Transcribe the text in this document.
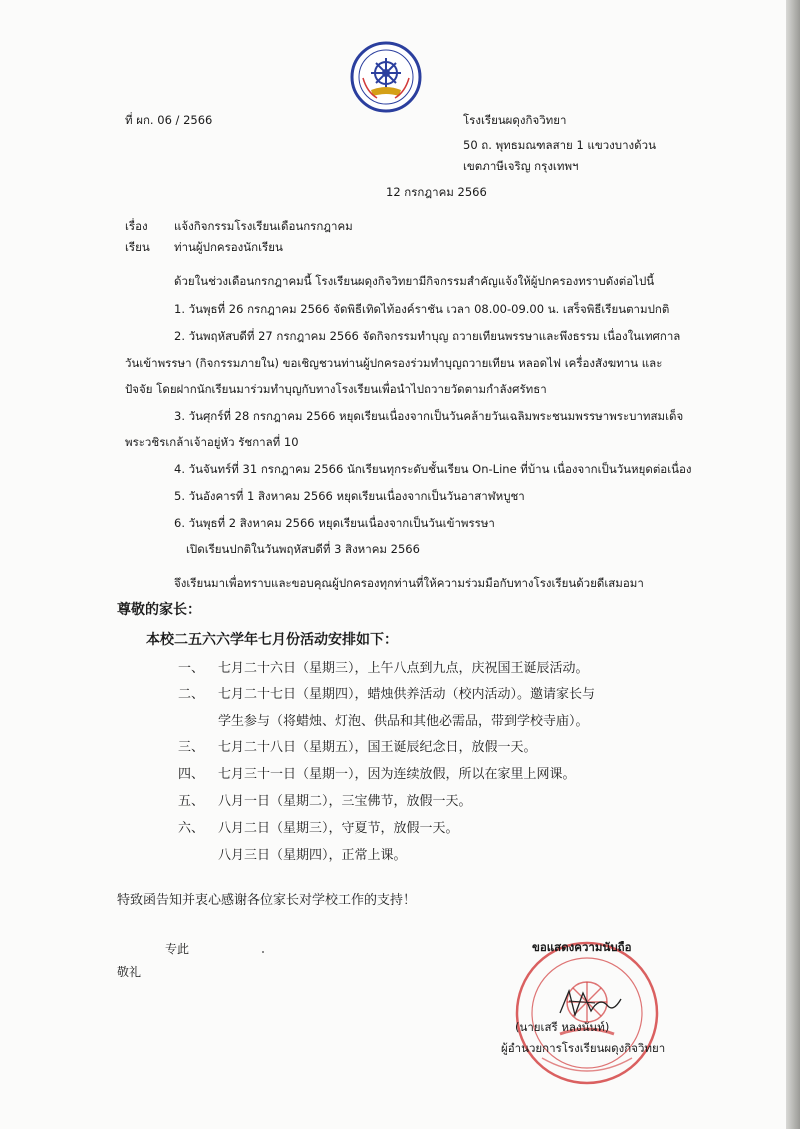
ที่ ผก. 06 / 2566	โรงเรียนผดุงกิจวิทยา
50 ถ. พุทธมณฑลสาย 1 แขวงบางด้วน
เขตภาษีเจริญ กรุงเทพฯ
12 กรกฎาคม 2566
เรื่อง แจ้งกิจกรรมโรงเรียนเดือนกรกฎาคม
เรียน ท่านผู้ปกครองนักเรียน
ด้วยในช่วงเดือนกรกฎาคมนี้ โรงเรียนผดุงกิจวิทยามีกิจกรรมสำคัญแจ้งให้ผู้ปกครองทราบดังต่อไปนี้
1. วันพุธที่ 26 กรกฎาคม 2566 จัดพิธีเทิดไท้องค์ราชัน เวลา 08.00-09.00 น. เสร็จพิธีเรียนตามปกติ
2. วันพฤหัสบดีที่ 27 กรกฎาคม 2566 จัดกิจกรรมทำบุญ ถวายเทียนพรรษาและพึงธรรม เนื่องในเทศกาล
วันเข้าพรรษา (กิจกรรมภายใน) ขอเชิญชวนท่านผู้ปกครองร่วมทำบุญถวายเทียน หลอดไฟ เครื่องสังฆทาน และ
ปัจจัย โดยฝากนักเรียนมาร่วมทำบุญกับทางโรงเรียนเพื่อนำไปถวายวัดตามกำลังศรัทธา
3. วันศุกร์ที่ 28 กรกฎาคม 2566 หยุดเรียนเนื่องจากเป็นวันคล้ายวันเฉลิมพระชนมพรรษาพระบาทสมเด็จ
พระวชิรเกล้าเจ้าอยู่หัว รัชกาลที่ 10
4. วันจันทร์ที่ 31 กรกฎาคม 2566 นักเรียนทุกระดับชั้นเรียน On-Line ที่บ้าน เนื่องจากเป็นวันหยุดต่อเนื่อง
5. วันอังคารที่ 1 สิงหาคม 2566 หยุดเรียนเนื่องจากเป็นวันอาสาฬหบูชา
6. วันพุธที่ 2 สิงหาคม 2566 หยุดเรียนเนื่องจากเป็นวันเข้าพรรษา
เปิดเรียนปกติในวันพฤหัสบดีที่ 3 สิงหาคม 2566
จึงเรียนมาเพื่อทราบและขอบคุณผู้ปกครองทุกท่านที่ให้ความร่วมมือกับทางโรงเรียนด้วยดีเสมอมา
尊敬的家长：
本校二五六六学年七月份活动安排如下：
一、 七月二十六日（星期三），上午八点到九点，庆祝国王诞辰活动。
二、 七月二十七日（星期四），蜡烛供养活动（校内活动）。邀请家长与
学生参与（将蜡烛、灯泡、供品和其他必需品，带到学校寺庙）。
三、 七月二十八日（星期五），国王诞辰纪念日，放假一天。
四、 七月三十一日（星期一），因为连续放假，所以在家里上网课。
五、 八月一日（星期二），三宝佛节，放假一天。
六、 八月二日（星期三），守夏节，放假一天。
八月三日（星期四），正常上课。
特致函告知并衷心感谢各位家长对学校工作的支持！
专此
敬礼
ขอแสดงความนับถือ
(นายเสรี หลงนันท์)
ผู้อำนวยการโรงเรียนผดุงกิจวิทยา
